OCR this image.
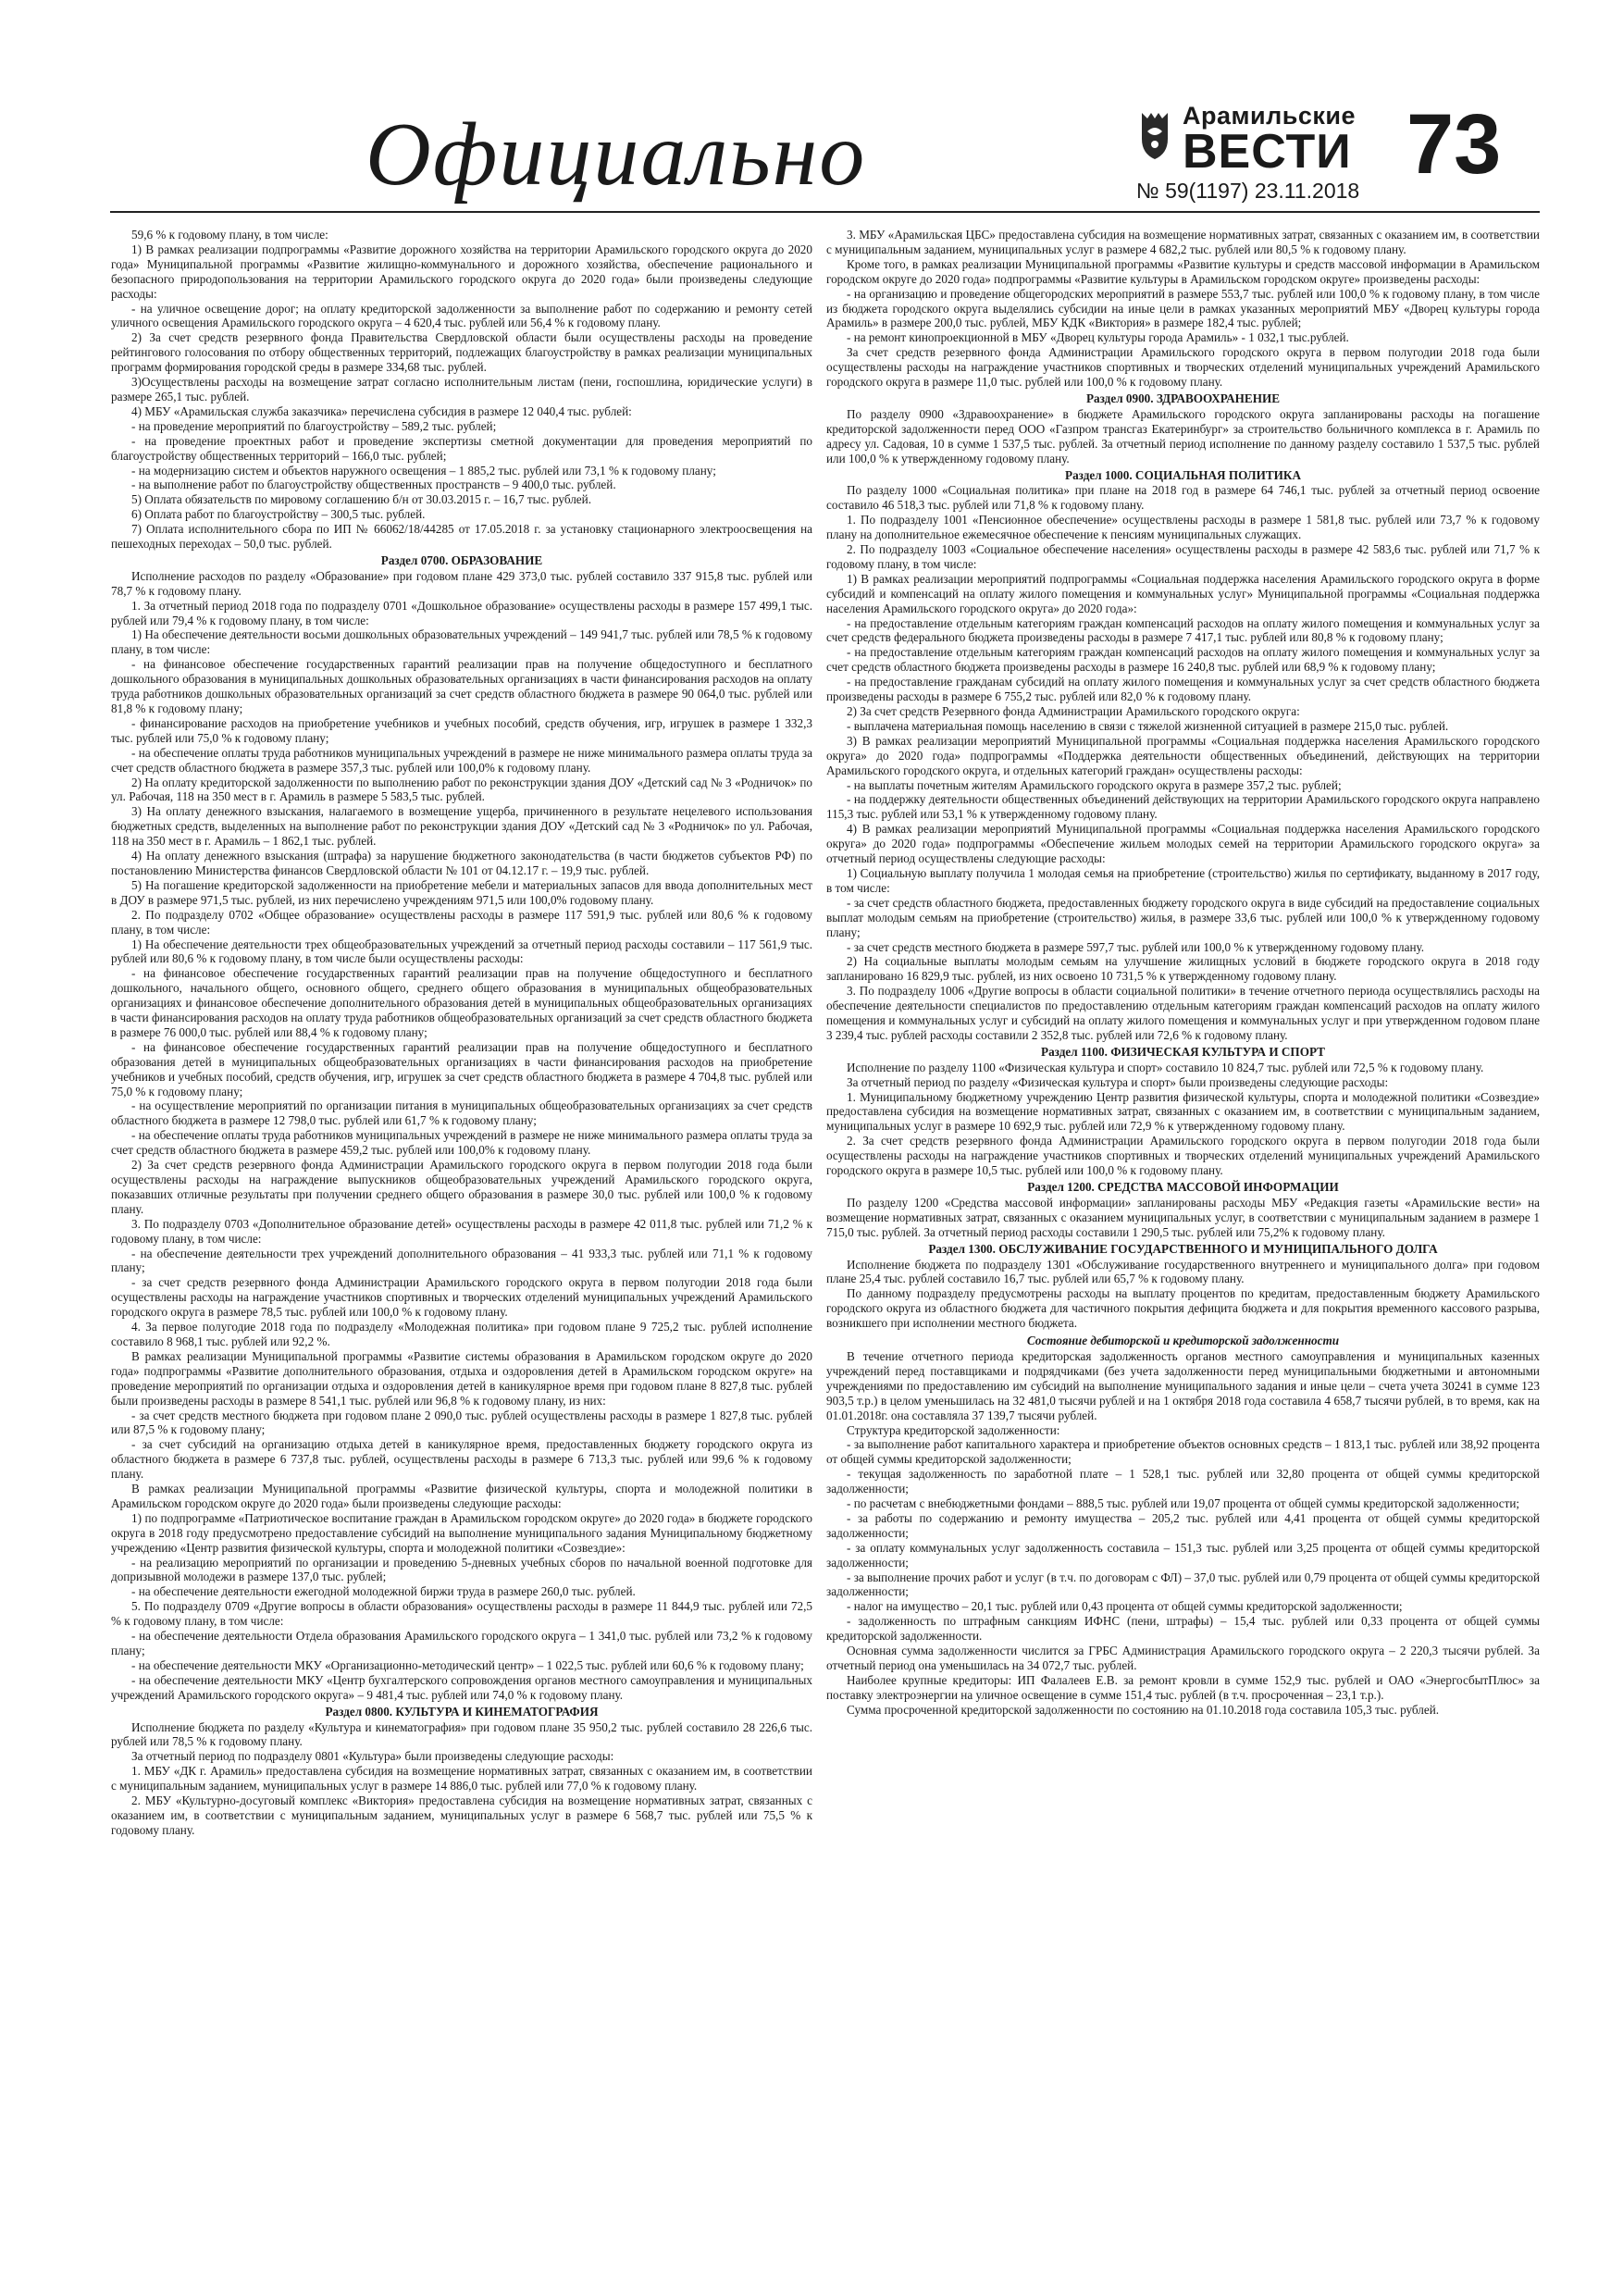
Официально	Арамильские
ВЕСТИ
№ 59(1197) 23.11.2018 73

59,6 % к годовому плану, в том числе:

1) В рамках реализации подпрограммы «Развитие дорожного хозяйства на территории Арамильского городского округа до 2020 года» Муниципальной программы «Развитие жилищно-коммунального и дорожного хозяйства, обеспечение рационального и безопасного природопользования на территории Арамильского городского округа до 2020 года» были произведены следующие расходы:

- на уличное освещение дорог; на оплату кредиторской задолженности за выполнение работ по содержанию и ремонту сетей уличного освещения Арамильского городского округа – 4 620,4 тыс. рублей или 56,4 % к годовому плану.

2) За счет средств резервного фонда Правительства Свердловской области были осуществлены расходы на проведение рейтингового голосования по отбору общественных территорий, подлежащих благоустройству в рамках реализации муниципальных программ формирования городской среды в размере 334,68 тыс. рублей.

3)Осуществлены расходы на возмещение затрат согласно исполнительным листам (пени, госпошлина, юридические услуги) в размере 265,1 тыс. рублей.

4) МБУ «Арамильская служба заказчика» перечислена субсидия в размере 12 040,4 тыс. рублей:

- на проведение мероприятий по благоустройству – 589,2 тыс. рублей;

- на проведение проектных работ и проведение экспертизы сметной документации для проведения мероприятий по благоустройству общественных территорий – 166,0 тыс. рублей;

- на модернизацию систем и объектов наружного освещения – 1 885,2 тыс. рублей или 73,1 % к годовому плану;

- на выполнение работ по благоустройству общественных пространств – 9 400,0 тыс. рублей.

5) Оплата обязательств по мировому соглашению б/н от 30.03.2015 г. – 16,7 тыс. рублей.

6) Оплата работ по благоустройству – 300,5 тыс. рублей.

7) Оплата исполнительного сбора по ИП № 66062/18/44285 от 17.05.2018 г. за установку стационарного электроосвещения на пешеходных переходах – 50,0 тыс. рублей.

Раздел 0700. ОБРАЗОВАНИЕ

Исполнение расходов по разделу «Образование» при годовом плане 429 373,0 тыс. рублей составило 337 915,8 тыс. рублей или 78,7 % к годовому плану.

1. За отчетный период 2018 года по подразделу 0701 «Дошкольное образование» осуществлены расходы в размере 157 499,1 тыс. рублей или 79,4 % к годовому плану, в том числе:

1) На обеспечение деятельности восьми дошкольных образовательных учреждений – 149 941,7 тыс. рублей или 78,5 % к годовому плану, в том числе:

- на финансовое обеспечение государственных гарантий реализации прав на получение общедоступного и бесплатного дошкольного образования в муниципальных дошкольных образовательных организациях в части финансирования расходов на оплату труда работников дошкольных образовательных организаций за счет средств областного бюджета в размере 90 064,0 тыс. рублей или 81,8 % к годовому плану;

- финансирование расходов на приобретение учебников и учебных пособий, средств обучения, игр, игрушек в размере 1 332,3 тыс. рублей или 75,0 % к годовому плану;

- на обеспечение оплаты труда работников муниципальных учреждений в размере не ниже минимального размера оплаты труда за счет средств областного бюджета в размере 357,3 тыс. рублей или 100,0% к годовому плану.

2) На оплату кредиторской задолженности по выполнению работ по реконструкции здания ДОУ «Детский сад № 3 «Родничок» по ул. Рабочая, 118 на 350 мест в г. Арамиль в размере 5 583,5 тыс. рублей.

3) На оплату денежного взыскания, налагаемого в возмещение ущерба, причиненного в результате нецелевого использования бюджетных средств, выделенных на выполнение работ по реконструкции здания ДОУ «Детский сад № 3 «Родничок» по ул. Рабочая, 118 на 350 мест в г. Арамиль – 1 862,1 тыс. рублей.

4) На оплату денежного взыскания (штрафа) за нарушение бюджетного законодательства (в части бюджетов субъектов РФ) по постановлению Министерства финансов Свердловской области № 101 от 04.12.17 г. – 19,9 тыс. рублей.

5) На погашение кредиторской задолженности на приобретение мебели и материальных запасов для ввода дополнительных мест в ДОУ в размере 971,5 тыс. рублей, из них перечислено учреждениям 971,5 или 100,0% годовому плану.

2. По подразделу 0702 «Общее образование» осуществлены расходы в размере 117 591,9 тыс. рублей или 80,6 % к годовому плану, в том числе:

1) На обеспечение деятельности трех общеобразовательных учреждений за отчетный период расходы составили – 117 561,9 тыс. рублей или 80,6 % к годовому плану, в том числе были осуществлены расходы:

- на финансовое обеспечение государственных гарантий реализации прав на получение общедоступного и бесплатного дошкольного, начального общего, основного общего, среднего общего образования в муниципальных общеобразовательных организациях и финансовое обеспечение дополнительного образования детей в муниципальных общеобразовательных организациях в части финансирования расходов на оплату труда работников общеобразовательных организаций за счет средств областного бюджета в размере 76 000,0 тыс. рублей или 88,4 % к годовому плану;

- на финансовое обеспечение государственных гарантий реализации прав на получение общедоступного и бесплатного образования детей в муниципальных общеобразовательных организациях в части финансирования расходов на приобретение учебников и учебных пособий, средств обучения, игр, игрушек за счет средств областного бюджета в размере 4 704,8 тыс. рублей или 75,0 % к годовому плану;

- на осуществление мероприятий по организации питания в муниципальных общеобразовательных организациях за счет средств областного бюджета в размере 12 798,0 тыс. рублей или 61,7 % к годовому плану;

- на обеспечение оплаты труда работников муниципальных учреждений в размере не ниже минимального размера оплаты труда за счет средств областного бюджета в размере 459,2 тыс. рублей или 100,0% к годовому плану.

2) За счет средств резервного фонда Администрации Арамильского городского округа в первом полугодии 2018 года были осуществлены расходы на награждение выпускников общеобразовательных учреждений Арамильского городского округа, показавших отличные результаты при получении среднего общего образования в размере 30,0 тыс. рублей или 100,0 % к годовому плану.

3. По подразделу 0703 «Дополнительное образование детей» осуществлены расходы в размере 42 011,8 тыс. рублей или 71,2 % к годовому плану, в том числе:

- на обеспечение деятельности трех учреждений дополнительного образования – 41 933,3 тыс. рублей или 71,1 % к годовому плану;

- за счет средств резервного фонда Администрации Арамильского городского округа в первом полугодии 2018 года были осуществлены расходы на награждение участников спортивных и творческих отделений муниципальных учреждений Арамильского городского округа в размере 78,5 тыс. рублей или 100,0 % к годовому плану.

4. За первое полугодие 2018 года по подразделу «Молодежная политика» при годовом плане 9 725,2 тыс. рублей исполнение составило 8 968,1 тыс. рублей или 92,2 %.

В рамках реализации Муниципальной программы «Развитие системы образования в Арамильском городском округе до 2020 года» подпрограммы «Развитие дополнительного образования, отдыха и оздоровления детей в Арамильском городском округе» на проведение мероприятий по организации отдыха и оздоровления детей в каникулярное время при годовом плане 8 827,8 тыс. рублей были произведены расходы в размере 8 541,1 тыс. рублей или 96,8 % к годовому плану, из них:

- за счет средств местного бюджета при годовом плане 2 090,0 тыс. рублей осуществлены расходы в размере 1 827,8 тыс. рублей или 87,5 % к годовому плану;

- за счет субсидий на организацию отдыха детей в каникулярное время, предоставленных бюджету городского округа из областного бюджета в размере 6 737,8 тыс. рублей, осуществлены расходы в размере 6 713,3 тыс. рублей или 99,6 % к годовому плану.

В рамках реализации Муниципальной программы «Развитие физической культуры, спорта и молодежной политики в Арамильском городском округе до 2020 года» были произведены следующие расходы:

1) по подпрограмме «Патриотическое воспитание граждан в Арамильском городском округе» до 2020 года» в бюджете городского округа в 2018 году предусмотрено предоставление субсидий на выполнение муниципального задания Муниципальному бюджетному учреждению «Центр развития физической культуры, спорта и молодежной политики «Созвездие»:

- на реализацию мероприятий по организации и проведению 5-дневных учебных сборов по начальной военной подготовке для допризывной молодежи в размере 137,0 тыс. рублей;

- на обеспечение деятельности ежегодной молодежной биржи труда в размере 260,0 тыс. рублей.

5. По подразделу 0709 «Другие вопросы в области образования» осуществлены расходы в размере 11 844,9 тыс. рублей или 72,5 % к годовому плану, в том числе:

- на обеспечение деятельности Отдела образования Арамильского городского округа – 1 341,0 тыс. рублей или 73,2 % к годовому плану;

- на обеспечение деятельности МКУ «Организационно-методический центр» – 1 022,5 тыс. рублей или 60,6 % к годовому плану;

- на обеспечение деятельности МКУ «Центр бухгалтерского сопровождения органов местного самоуправления и муниципальных учреждений Арамильского городского округа» – 9 481,4 тыс. рублей или 74,0 % к годовому плану.

Раздел 0800. КУЛЬТУРА И КИНЕМАТОГРАФИЯ

Исполнение бюджета по разделу «Культура и кинематография» при годовом плане 35 950,2 тыс. рублей составило 28 226,6 тыс. рублей или 78,5 % к годовому плану.

За отчетный период по подразделу 0801 «Культура» были произведены следующие расходы:

1. МБУ «ДК г. Арамиль» предоставлена субсидия на возмещение нормативных затрат, связанных с оказанием им, в соответствии с муниципальным заданием, муниципальных услуг в размере 14 886,0 тыс. рублей или 77,0 % к годовому плану.

2. МБУ «Культурно-досуговый комплекс «Виктория» предоставлена субсидия на возмещение нормативных затрат, связанных с оказанием им, в соответствии с муниципальным заданием, муниципальных услуг в размере 6 568,7 тыс. рублей или 75,5 % к годовому плану.

3. МБУ «Арамильская ЦБС» предоставлена субсидия на возмещение нормативных затрат, связанных с оказанием им, в соответствии с муниципальным заданием, муниципальных услуг в размере 4 682,2 тыс. рублей или 80,5 % к годовому плану.

Кроме того, в рамках реализации Муниципальной программы «Развитие культуры и средств массовой информации в Арамильском городском округе до 2020 года» подпрограммы «Развитие культуры в Арамильском городском округе» произведены расходы:

- на организацию и проведение общегородских мероприятий в размере 553,7 тыс. рублей или 100,0 % к годовому плану, в том числе из бюджета городского округа выделялись субсидии на иные цели в рамках указанных мероприятий МБУ «Дворец культуры города Арамиль» в размере 200,0 тыс. рублей, МБУ КДК «Виктория» в размере 182,4 тыс. рублей;

- на ремонт кинопроекционной в МБУ «Дворец культуры города Арамиль» - 1 032,1 тыс.рублей.

За счет средств резервного фонда Администрации Арамильского городского округа в первом полугодии 2018 года были осуществлены расходы на награждение участников спортивных и творческих отделений муниципальных учреждений Арамильского городского округа в размере 11,0 тыс. рублей или 100,0 % к годовому плану.

Раздел 0900. ЗДРАВООХРАНЕНИЕ

По разделу 0900 «Здравоохранение» в бюджете Арамильского городского округа запланированы расходы на погашение кредиторской задолженности перед ООО «Газпром трансгаз Екатеринбург» за строительство больничного комплекса в г. Арамиль по адресу ул. Садовая, 10 в сумме 1 537,5 тыс. рублей. За отчетный период исполнение по данному разделу составило 1 537,5 тыс. рублей или 100,0 % к утвержденному годовому плану.

Раздел 1000. СОЦИАЛЬНАЯ ПОЛИТИКА

По разделу 1000 «Социальная политика» при плане на 2018 год в размере 64 746,1 тыс. рублей за отчетный период освоение составило 46 518,3 тыс. рублей или 71,8 % к годовому плану.

1. По подразделу 1001 «Пенсионное обеспечение» осуществлены расходы в размере 1 581,8 тыс. рублей или 73,7 % к годовому плану на дополнительное ежемесячное обеспечение к пенсиям муниципальных служащих.

2. По подразделу 1003 «Социальное обеспечение населения» осуществлены расходы в размере 42 583,6 тыс. рублей или 71,7 % к годовому плану, в том числе:

1) В рамках реализации мероприятий подпрограммы «Социальная поддержка населения Арамильского городского округа в форме субсидий и компенсаций на оплату жилого помещения и коммунальных услуг» Муниципальной программы «Социальная поддержка населения Арамильского городского округа» до 2020 года»:

- на предоставление отдельным категориям граждан компенсаций расходов на оплату жилого помещения и коммунальных услуг за счет средств федерального бюджета произведены расходы в размере 7 417,1 тыс. рублей или 80,8 % к годовому плану;

- на предоставление отдельным категориям граждан компенсаций расходов на оплату жилого помещения и коммунальных услуг за счет средств областного бюджета произведены расходы в размере 16 240,8 тыс. рублей или 68,9 % к годовому плану;

- на предоставление гражданам субсидий на оплату жилого помещения и коммунальных услуг за счет средств областного бюджета произведены расходы в размере 6 755,2 тыс. рублей или 82,0 % к годовому плану.

2) За счет средств Резервного фонда Администрации Арамильского городского округа:

- выплачена материальная помощь населению в связи с тяжелой жизненной ситуацией в размере 215,0 тыс. рублей.

3) В рамках реализации мероприятий Муниципальной программы «Социальная поддержка населения Арамильского городского округа» до 2020 года» подпрограммы «Поддержка деятельности общественных объединений, действующих на территории Арамильского городского округа, и отдельных категорий граждан» осуществлены расходы:

- на выплаты почетным жителям Арамильского городского округа в размере 357,2 тыс. рублей;

- на поддержку деятельности общественных объединений действующих на территории Арамильского городского округа направлено 115,3 тыс. рублей или 53,1 % к утвержденному годовому плану.

4) В рамках реализации мероприятий Муниципальной программы «Социальная поддержка населения Арамильского городского округа» до 2020 года» подпрограммы «Обеспечение жильем молодых семей на территории Арамильского городского округа» за отчетный период осуществлены следующие расходы:

1) Социальную выплату получила 1 молодая семья на приобретение (строительство) жилья по сертификату, выданному в 2017 году, в том числе:

- за счет средств областного бюджета, предоставленных бюджету городского округа в виде субсидий на предоставление социальных выплат молодым семьям на приобретение (строительство) жилья, в размере 33,6 тыс. рублей или 100,0 % к утвержденному годовому плану;

- за счет средств местного бюджета в размере 597,7 тыс. рублей или 100,0 % к утвержденному годовому плану.

2) На социальные выплаты молодым семьям на улучшение жилищных условий в бюджете городского округа в 2018 году запланировано 16 829,9 тыс. рублей, из них освоено 10 731,5 % к утвержденному годовому плану.

3. По подразделу 1006 «Другие вопросы в области социальной политики» в течение отчетного периода осуществлялись расходы на обеспечение деятельности специалистов по предоставлению отдельным категориям граждан компенсаций расходов на оплату жилого помещения и коммунальных услуг и субсидий на оплату жилого помещения и коммунальных услуг и при утвержденном годовом плане 3 239,4 тыс. рублей расходы составили 2 352,8 тыс. рублей или 72,6 % к годовому плану.

Раздел 1100. ФИЗИЧЕСКАЯ КУЛЬТУРА И СПОРТ

Исполнение по разделу 1100 «Физическая культура и спорт» составило 10 824,7 тыс. рублей или 72,5 % к годовому плану.

За отчетный период по разделу «Физическая культура и спорт» были произведены следующие расходы:

1. Муниципальному бюджетному учреждению Центр развития физической культуры, спорта и молодежной политики «Созвездие» предоставлена субсидия на возмещение нормативных затрат, связанных с оказанием им, в соответствии с муниципальным заданием, муниципальных услуг в размере 10 692,9 тыс. рублей или 72,9 % к утвержденному годовому плану.

2. За счет средств резервного фонда Администрации Арамильского городского округа в первом полугодии 2018 года были осуществлены расходы на награждение участников спортивных и творческих отделений муниципальных учреждений Арамильского городского округа в размере 10,5 тыс. рублей или 100,0 % к годовому плану.

Раздел 1200. СРЕДСТВА МАССОВОЙ ИНФОРМАЦИИ

По разделу 1200 «Средства массовой информации» запланированы расходы МБУ «Редакция газеты «Арамильские вести» на возмещение нормативных затрат, связанных с оказанием муниципальных услуг, в соответствии с муниципальным заданием в размере 1 715,0 тыс. рублей. За отчетный период расходы составили 1 290,5 тыс. рублей или 75,2% к годовому плану.

Раздел 1300. ОБСЛУЖИВАНИЕ ГОСУДАРСТВЕННОГО И МУНИЦИПАЛЬНОГО ДОЛГА

Исполнение бюджета по подразделу 1301 «Обслуживание государственного внутреннего и муниципального долга» при годовом плане 25,4 тыс. рублей составило 16,7 тыс. рублей или 65,7 % к годовому плану.

По данному подразделу предусмотрены расходы на выплату процентов по кредитам, предоставленным бюджету Арамильского городского округа из областного бюджета для частичного покрытия дефицита бюджета и для покрытия временного кассового разрыва, возникшего при исполнении местного бюджета.

Состояние дебиторской и кредиторской задолженности

В течение отчетного периода кредиторская задолженность органов местного самоуправления и муниципальных казенных учреждений перед поставщиками и подрядчиками (без учета задолженности перед муниципальными бюджетными и автономными учреждениями по предоставлению им субсидий на выполнение муниципального задания и иные цели – счета учета 30241 в сумме 123 903,5 т.р.) в целом уменьшилась на 32 481,0 тысячи рублей и на 1 октября 2018 года составила 4 658,7 тысячи рублей, в то время, как на 01.01.2018г. она составляла 37 139,7 тысячи рублей.

Структура кредиторской задолженности:

- за выполнение работ капитального характера и приобретение объектов основных средств – 1 813,1 тыс. рублей или 38,92 процента от общей суммы кредиторской задолженности;

- текущая задолженность по заработной плате – 1 528,1 тыс. рублей или 32,80 процента от общей суммы кредиторской задолженности;

- по расчетам с внебюджетными фондами – 888,5 тыс. рублей или 19,07 процента от общей суммы кредиторской задолженности;

- за работы по содержанию и ремонту имущества – 205,2 тыс. рублей или 4,41 процента от общей суммы кредиторской задолженности;

- за оплату коммунальных услуг задолженность составила – 151,3 тыс. рублей или 3,25 процента от общей суммы кредиторской задолженности;

- за выполнение прочих работ и услуг (в т.ч. по договорам с ФЛ) – 37,0 тыс. рублей или 0,79 процента от общей суммы кредиторской задолженности;

- налог на имущество – 20,1 тыс. рублей или 0,43 процента от общей суммы кредиторской задолженности;

- задолженность по штрафным санкциям ИФНС (пени, штрафы) – 15,4 тыс. рублей или 0,33 процента от общей суммы кредиторской задолженности.

Основная сумма задолженности числится за ГРБС Администрация Арамильского городского округа – 2 220,3 тысячи рублей. За отчетный период она уменьшилась на 34 072,7 тыс. рублей.

Наиболее крупные кредиторы: ИП Фалалеев Е.В. за ремонт кровли в сумме 152,9 тыс. рублей и ОАО «ЭнергосбытПлюс» за поставку электроэнергии на уличное освещение в сумме 151,4 тыс. рублей (в т.ч. просроченная – 23,1 т.р.).

Сумма просроченной кредиторской задолженности по состоянию на 01.10.2018 года составила 105,3 тыс. рублей.
